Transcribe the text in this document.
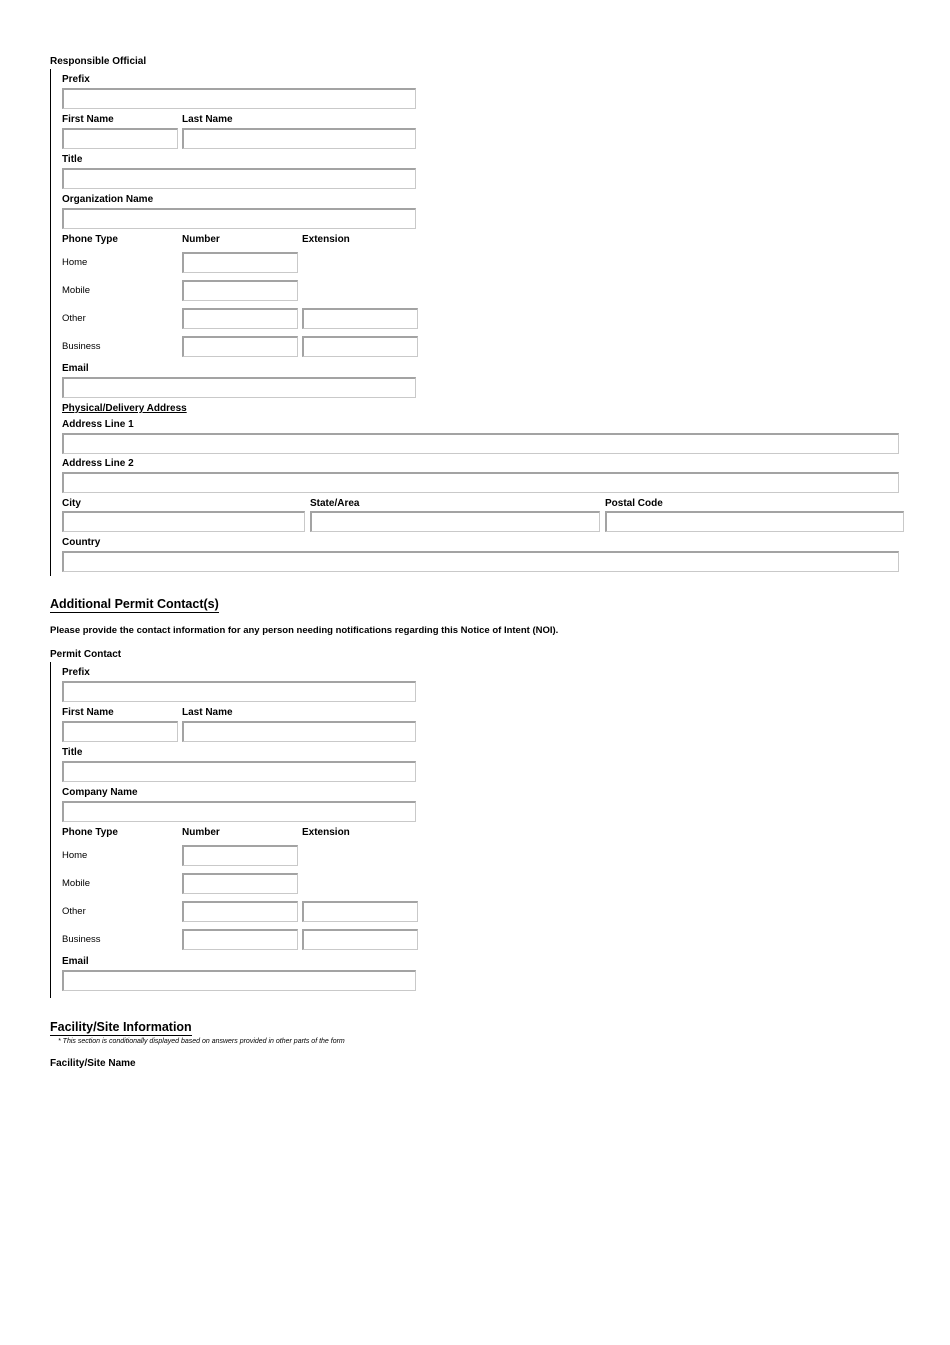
Responsible Official
Prefix
First Name	Last Name
Title
Organization Name
Phone Type	Number	Extension
Home
Mobile
Other
Business
Email
Physical/Delivery Address
Address Line 1
Address Line 2
City	State/Area	Postal Code
Country
Additional Permit Contact(s)
Please provide the contact information for any person needing notifications regarding this Notice of Intent (NOI).
Permit Contact
Prefix
First Name	Last Name
Title
Company Name
Phone Type	Number	Extension
Home
Mobile
Other
Business
Email
Facility/Site Information
* This section is conditionally displayed based on answers provided in other parts of the form
Facility/Site Name
